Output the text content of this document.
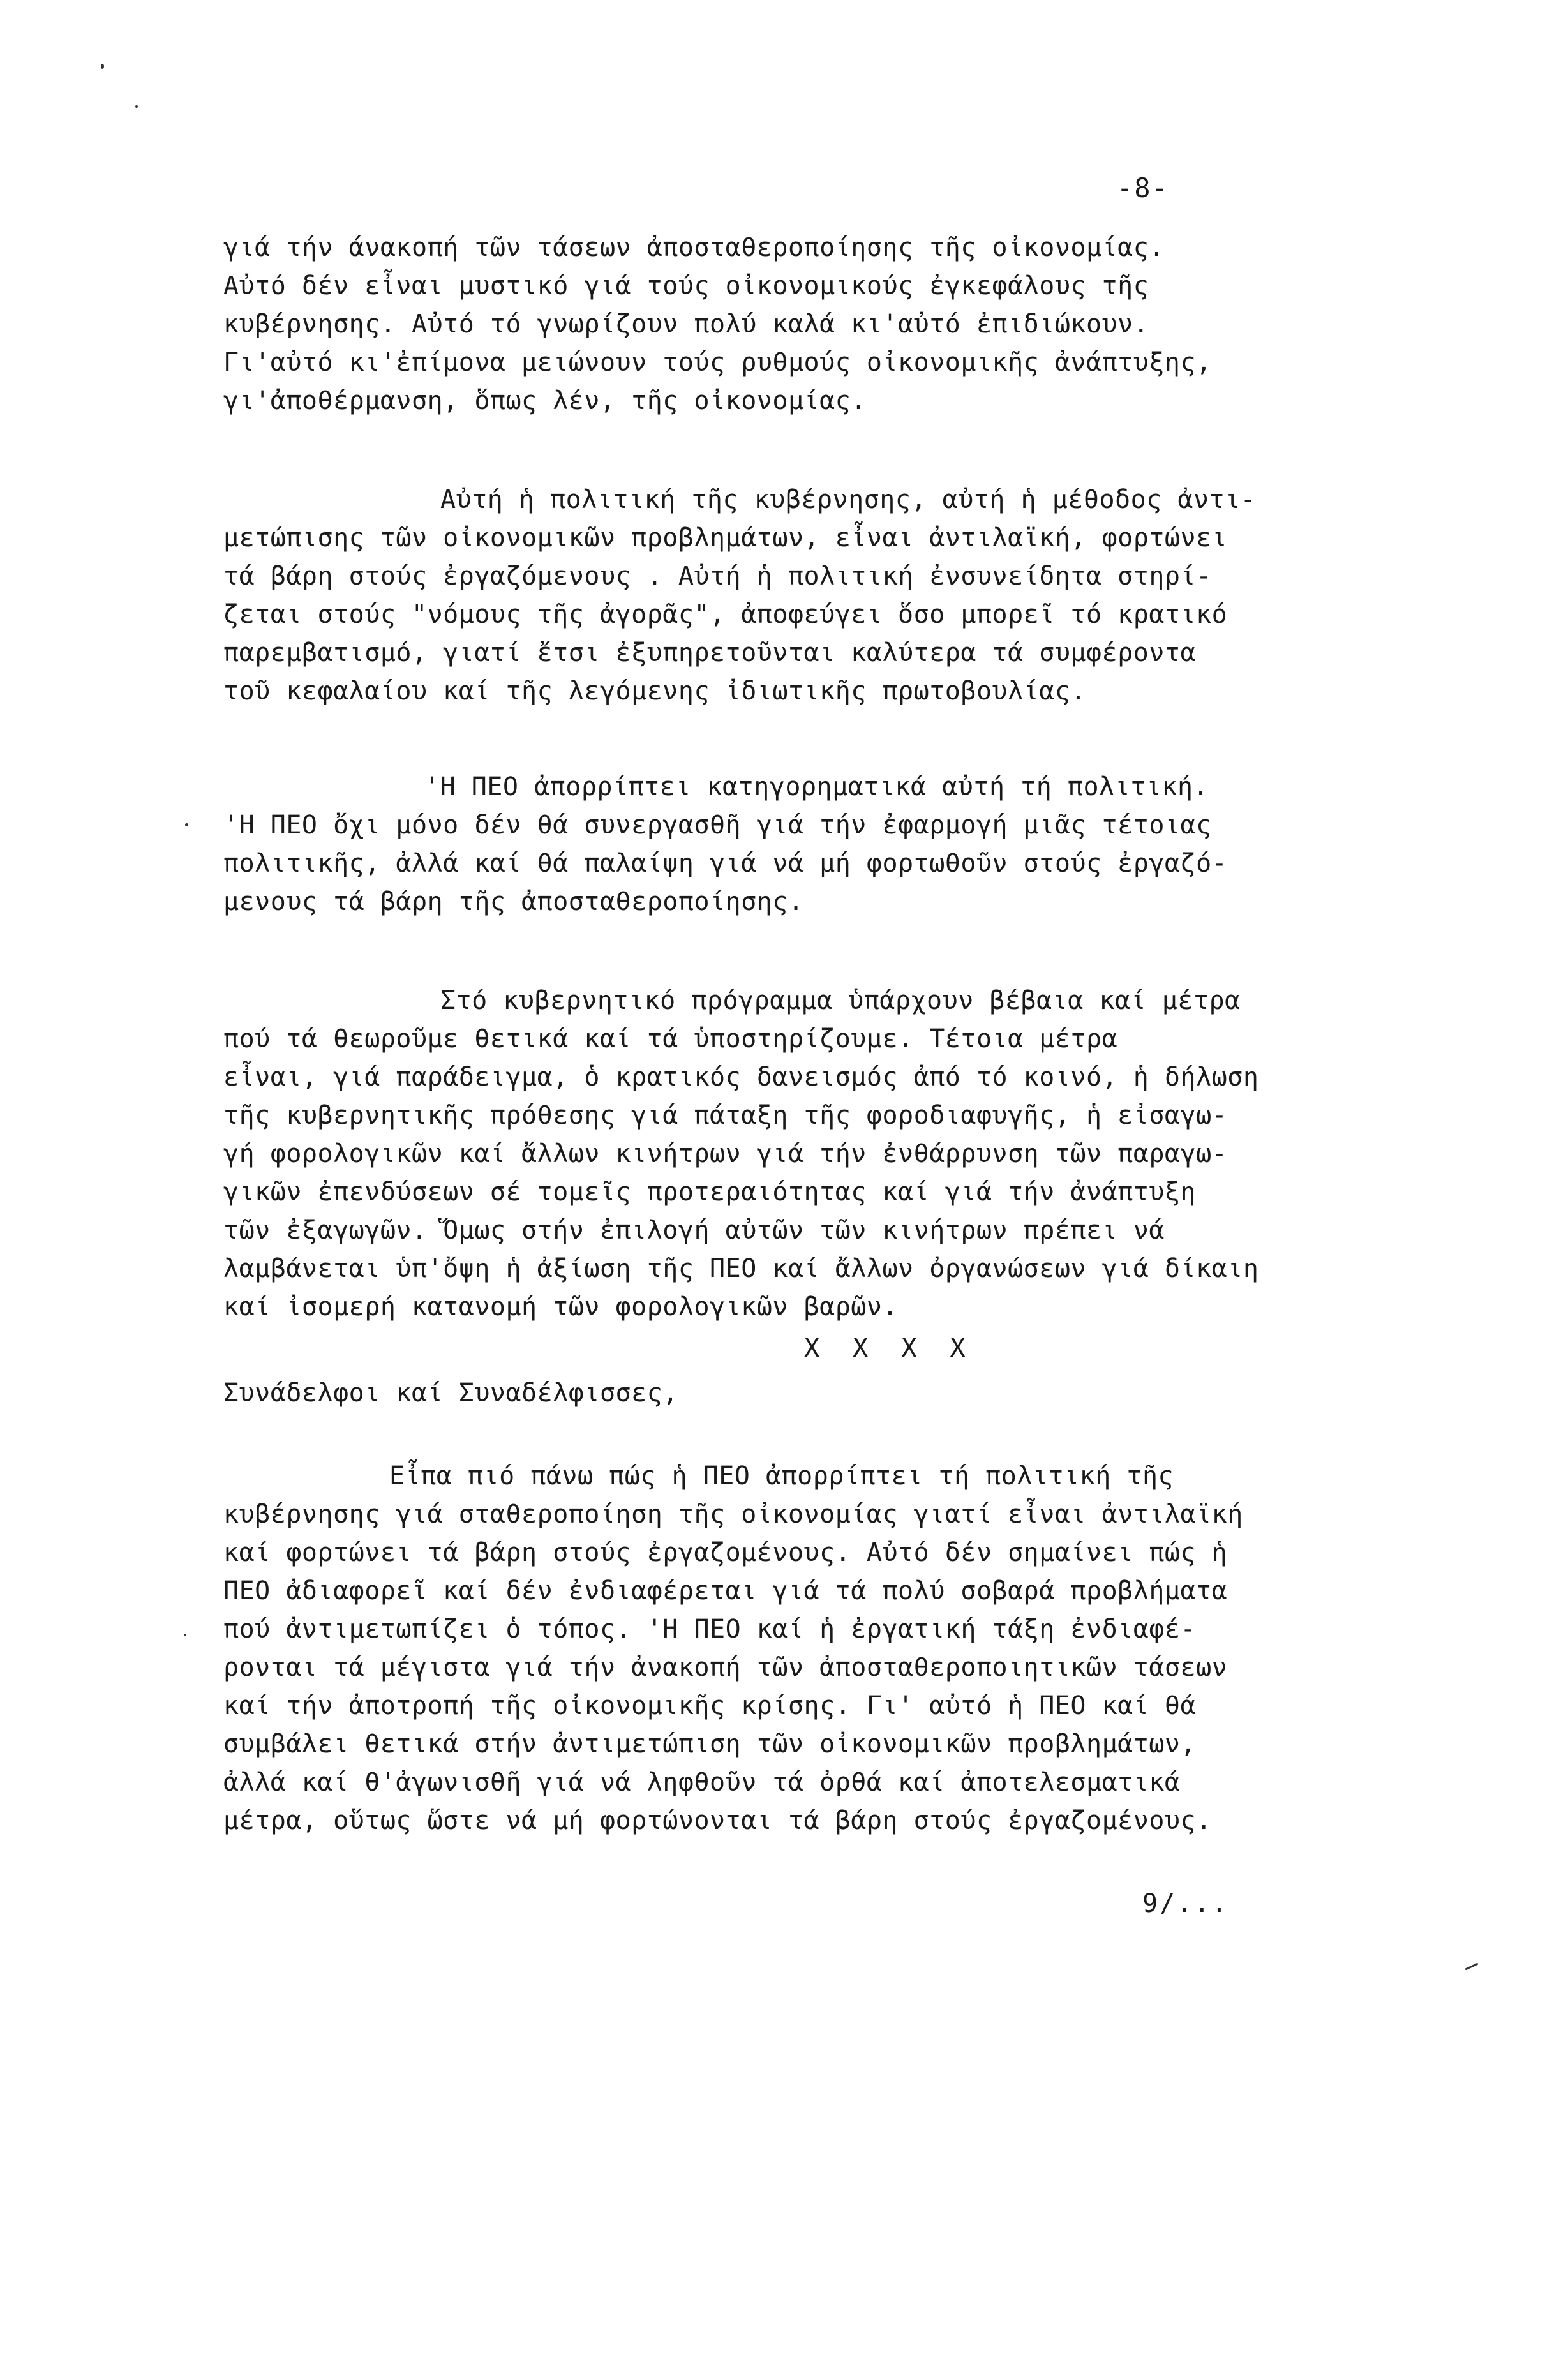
-8-
γιά τήν άνακοπή τῶν τάσεων ἀποσταθεροποίησης τῆς οἰκονομίας.
Αὐτό δέν εἶναι μυστικό γιά τούς οἰκονομικούς ἐγκεφάλους τῆς
κυβέρνησης. Αὐτό τό γνωρίζουν πολύ καλά κι'αὐτό ἐπιδιώκουν.
Γι'αὐτό κι'ἐπίμονα μειώνουν τούς ρυθμούς οἰκονομικῆς ἀνάπτυξης,
γι'ἀποθέρμανση, ὅπως λέν, τῆς οἰκονομίας.
Αὐτή ἡ πολιτική τῆς κυβέρνησης, αὐτή ἡ μέθοδος ἀντι-
μετώπισης τῶν οἰκονομικῶν προβλημάτων, εἶναι ἀντιλαϊκή, φορτώνει
τά βάρη στούς ἐργαζόμενους . Αὐτή ἡ πολιτική ἐνσυνείδητα στηρί-
ζεται στούς "νόμους τῆς ἀγορᾶς", ἀποφεύγει ὅσο μπορεῖ τό κρατικό
παρεμβατισμό, γιατί ἔτσι ἐξυπηρετοῦνται καλύτερα τά συμφέροντα
τοῦ κεφαλαίου καί τῆς λεγόμενης ἰδιωτικῆς πρωτοβουλίας.
'Η ΠΕΟ ἀπορρίπτει κατηγορηματικά αὐτή τή πολιτική.
'Η ΠΕΟ ὄχι μόνο δέν θά συνεργασθῆ γιά τήν ἐφαρμογή μιᾶς τέτοιας
πολιτικῆς, ἀλλά καί θά παλαίψη γιά νά μή φορτωθοῦν στούς ἐργαζό-
μενους τά βάρη τῆς ἀποσταθεροποίησης.
Στό κυβερνητικό πρόγραμμα ὑπάρχουν βέβαια καί μέτρα
πού τά θεωροῦμε θετικά καί τά ὑποστηρίζουμε. Τέτοια μέτρα
εἶναι, γιά παράδειγμα, ὁ κρατικός δανεισμός ἀπό τό κοινό, ἡ δήλωση
τῆς κυβερνητικῆς πρόθεσης γιά πάταξη τῆς φοροδιαφυγῆς, ἡ εἰσαγω-
γή φορολογικῶν καί ἄλλων κινήτρων γιά τήν ἐνθάρρυνση τῶν παραγω-
γικῶν ἐπενδύσεων σέ τομεῖς προτεραιότητας καί γιά τήν ἀνάπτυξη
τῶν ἐξαγωγῶν. Ὅμως στήν ἐπιλογή αὐτῶν τῶν κινήτρων πρέπει νά
λαμβάνεται ὑπ'ὄψη ἡ ἀξίωση τῆς ΠΕΟ καί ἄλλων ὀργανώσεων γιά δίκαιη
καί ἰσομερή κατανομή τῶν φορολογικῶν βαρῶν.
X X X X
Συνάδελφοι καί Συναδέλφισσες,
Εἶπα πιό πάνω πώς ἡ ΠΕΟ ἀπορρίπτει τή πολιτική τῆς
κυβέρνησης γιά σταθεροποίηση τῆς οἰκονομίας γιατί εἶναι ἀντιλαϊκή
καί φορτώνει τά βάρη στούς ἐργαζομένους. Αὐτό δέν σημαίνει πώς ἡ
ΠΕΟ ἀδιαφορεῖ καί δέν ἐνδιαφέρεται γιά τά πολύ σοβαρά προβλήματα
πού ἀντιμετωπίζει ὁ τόπος. 'Η ΠΕΟ καί ἡ ἐργατική τάξη ἐνδιαφέ-
ρονται τά μέγιστα γιά τήν ἀνακοπή τῶν ἀποσταθεροποιητικῶν τάσεων
καί τήν ἀποτροπή τῆς οἰκονομικῆς κρίσης. Γι' αὐτό ἡ ΠΕΟ καί θά
συμβάλει θετικά στήν ἀντιμετώπιση τῶν οἰκονομικῶν προβλημάτων,
ἀλλά καί θ'ἀγωνισθῆ γιά νά ληφθοῦν τά ὀρθά καί ἀποτελεσματικά
μέτρα, οὕτως ὥστε νά μή φορτώνονται τά βάρη στούς ἐργαζομένους.
9/...
